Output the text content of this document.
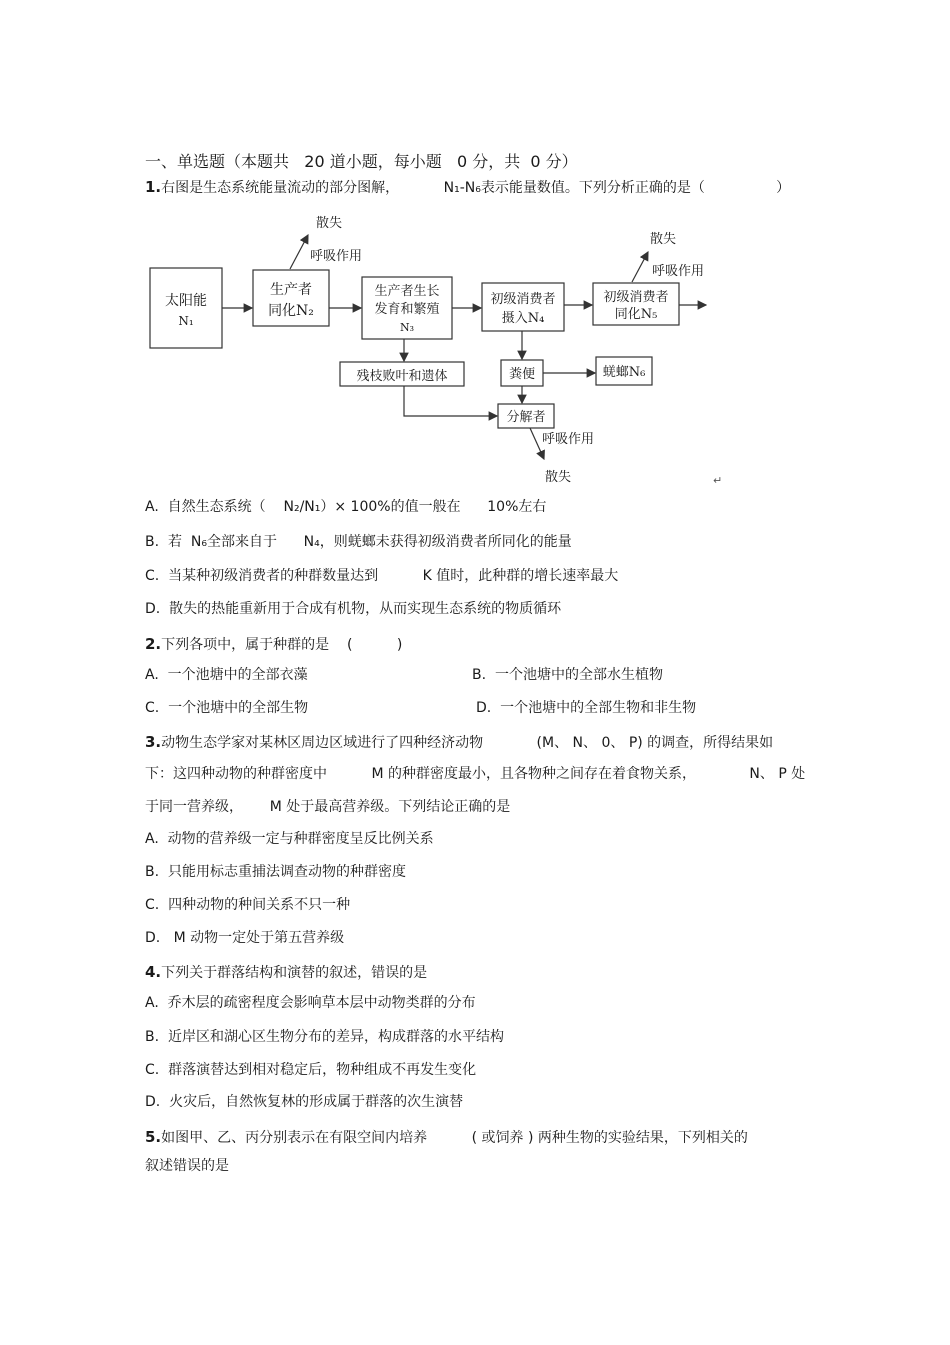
一、单选题（本题共   20 道小题，每小题   0 分，共  0 分）
1.右图是生态系统能量流动的部分图解，          N₁-N₆表示能量数值。下列分析正确的是（                ）
太阳能
N₁
生产者
同化N₂
生产者生长
发育和繁殖
N₃
初级消费者
摄入N₄
初级消费者
同化N₅
残枝败叶和遗体	粪便	蜣螂N₆
分解者
散失
呼吸作用
散失
呼吸作用
呼吸作用
散失	↵
A.  自然生态系统（    N₂/N₁）× 100%的值一般在      10%左右
B.  若  N₆全部来自于      N₄，则蜣螂未获得初级消费者所同化的能量
C.  当某种初级消费者的种群数量达到          K 值时，此种群的增长速率最大
D.  散失的热能重新用于合成有机物，从而实现生态系统的物质循环
2.下列各项中，属于种群的是    (          )
A.  一个池塘中的全部衣藻	B.  一个池塘中的全部水生植物
C.  一个池塘中的全部生物	D.  一个池塘中的全部生物和非生物
3.动物生态学家对某林区周边区域进行了四种经济动物            (M、 N、 0、 P) 的调查，所得结果如
下：这四种动物的种群密度中          M 的种群密度最小，且各物种之间存在着食物关系，            N、 P 处
于同一营养级，      M 处于最高营养级。下列结论正确的是
A.  动物的营养级一定与种群密度呈反比例关系
B.  只能用标志重捕法调查动物的种群密度
C.  四种动物的种间关系不只一种
D.   M 动物一定处于第五营养级
4.下列关于群落结构和演替的叙述，错误的是
A.  乔木层的疏密程度会影响草本层中动物类群的分布
B.  近岸区和湖心区生物分布的差异，构成群落的水平结构
C.  群落演替达到相对稳定后，物种组成不再发生变化
D.  火灾后，自然恢复林的形成属于群落的次生演替
5.如图甲、乙、丙分别表示在有限空间内培养          ( 或饲养 ) 两种生物的实验结果，下列相关的
叙述错误的是
